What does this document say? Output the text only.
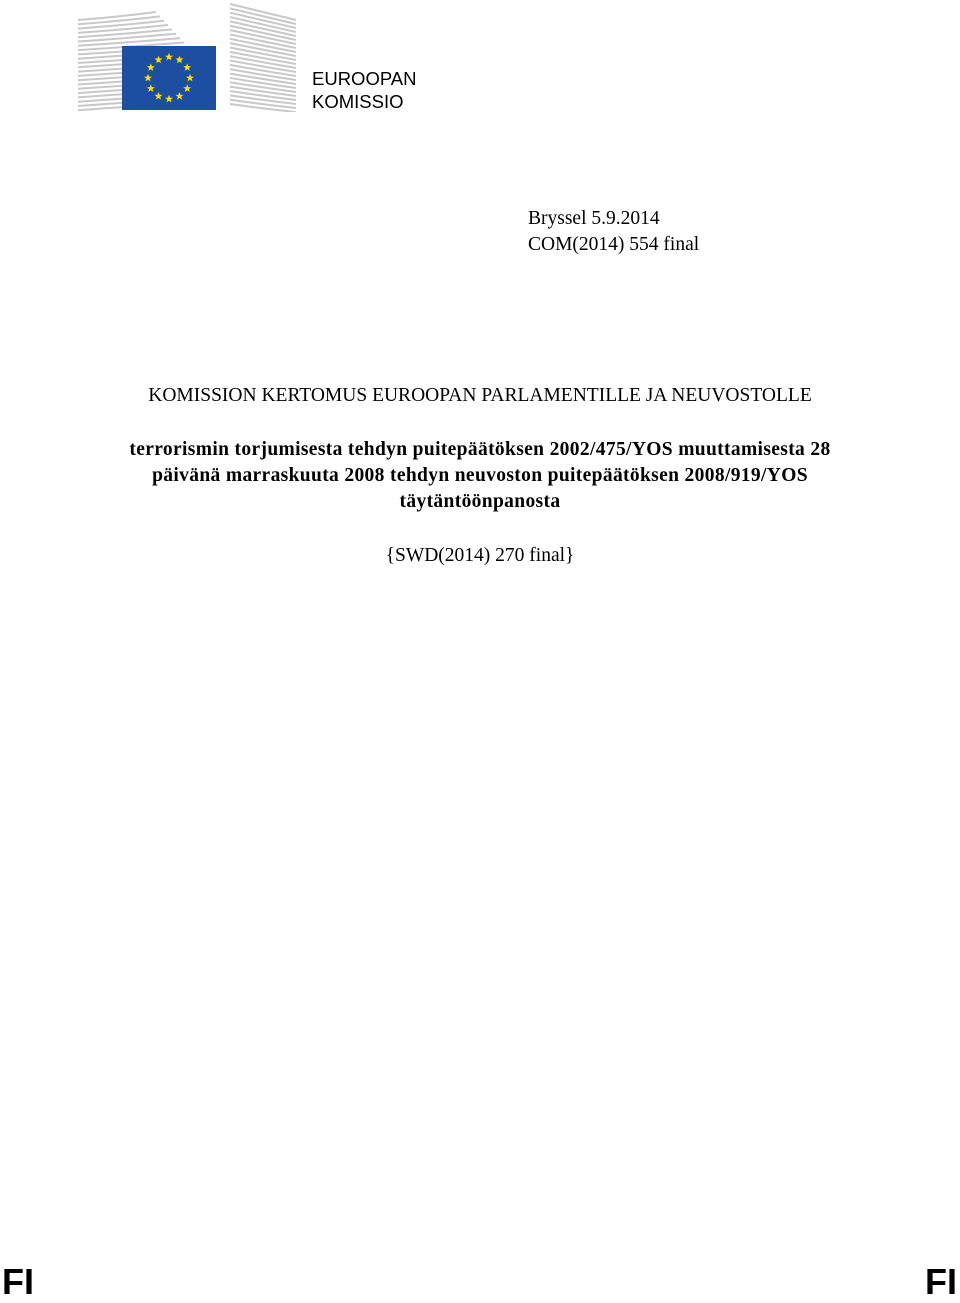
EUROOPAN
KOMISSIO
Bryssel 5.9.2014
COM(2014) 554 final
KOMISSION KERTOMUS EUROOPAN PARLAMENTILLE JA NEUVOSTOLLE
terrorismin torjumisesta tehdyn puitepäätöksen 2002/475/YOS muuttamisesta 28
päivänä marraskuuta 2008 tehdyn neuvoston puitepäätöksen 2008/919/YOS
täytäntöönpanosta
{SWD(2014) 270 final}
FI	FI
